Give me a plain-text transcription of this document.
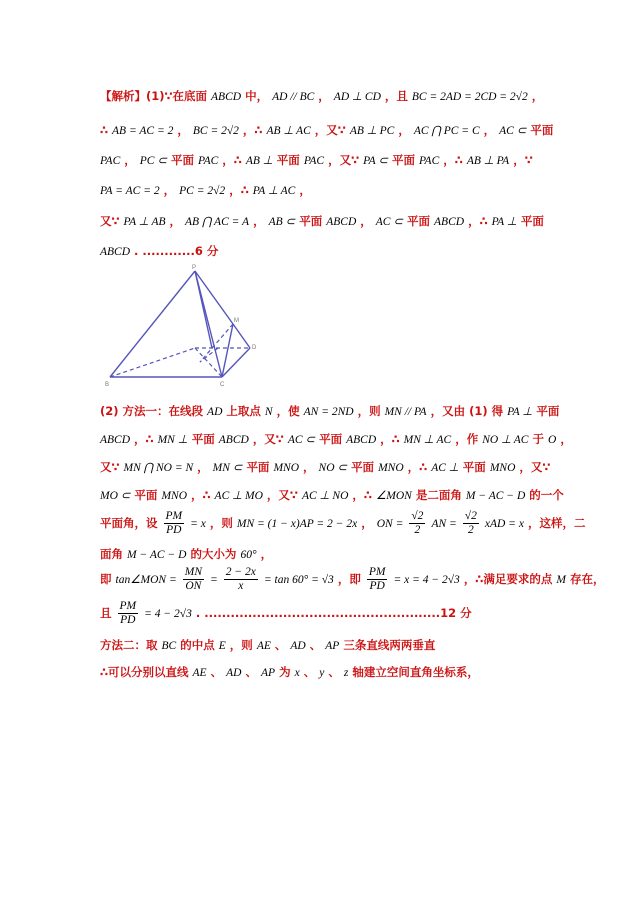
【解析】(1)∵在底面 ABCD 中， AD // BC ， AD ⊥ CD ，且 BC = 2AD = 2CD = 2√2 ，
∴ AB = AC = 2 ， BC = 2√2 ，∴ AB ⊥ AC ，又∵ AB ⊥ PC ， AC ⋂ PC = C ， AC ⊂ 平面
PAC ， PC ⊂ 平面 PAC ，∴ AB ⊥ 平面 PAC ，又∵ PA ⊂ 平面 PAC ，∴ AB ⊥ PA ，∵
PA = AC = 2 ， PC = 2√2 ，∴ PA ⊥ AC ，
又∵ PA ⊥ AB ， AB ⋂ AC = A ， AB ⊂ 平面 ABCD ， AC ⊂ 平面 ABCD ，∴ PA ⊥ 平面
ABCD . ............6 分
P
B	C
M
D
(2) 方法一：在线段 AD 上取点 N ，使 AN = 2ND ，则 MN // PA ，又由 (1) 得 PA ⊥ 平面
ABCD ，∴ MN ⊥ 平面 ABCD ，又∵ AC ⊂ 平面 ABCD ，∴ MN ⊥ AC ，作 NO ⊥ AC 于 O ，
又∵ MN ⋂ NO = N ， MN ⊂ 平面 MNO ， NO ⊂ 平面 MNO ，∴ AC ⊥ 平面 MNO ，又∵
MO ⊂ 平面 MNO ，∴ AC ⊥ MO ，又∵ AC ⊥ NO ，∴ ∠MON 是二面角 M − AC − D 的一个
平面角，设 $\frac{PM}{PD} = x$ ，则 MN = (1 − x)AP = 2 − 2x ， ON = $\frac{√2}{2}$ AN = $\frac{√2}{2}$ xAD = x ，这样，二
面角 M − AC − D 的大小为 60° ，
即 tan∠MON = $\frac{MN}{ON} = \frac{2 - 2x}{x} = \tan 60^\circ = √3$ ，即 $\frac{PM}{PD} = x = 4 - 2√3$ ，∴满足要求的点 M 存在，
且 $\frac{PM}{PD} = 4 - 2√3$ . ......................................................12 分
方法二：取 BC 的中点 E ，则 AE 、 AD 、 AP 三条直线两两垂直
∴可以分别以直线 AE 、 AD 、 AP 为 x 、 y 、 z 轴建立空间直角坐标系，
